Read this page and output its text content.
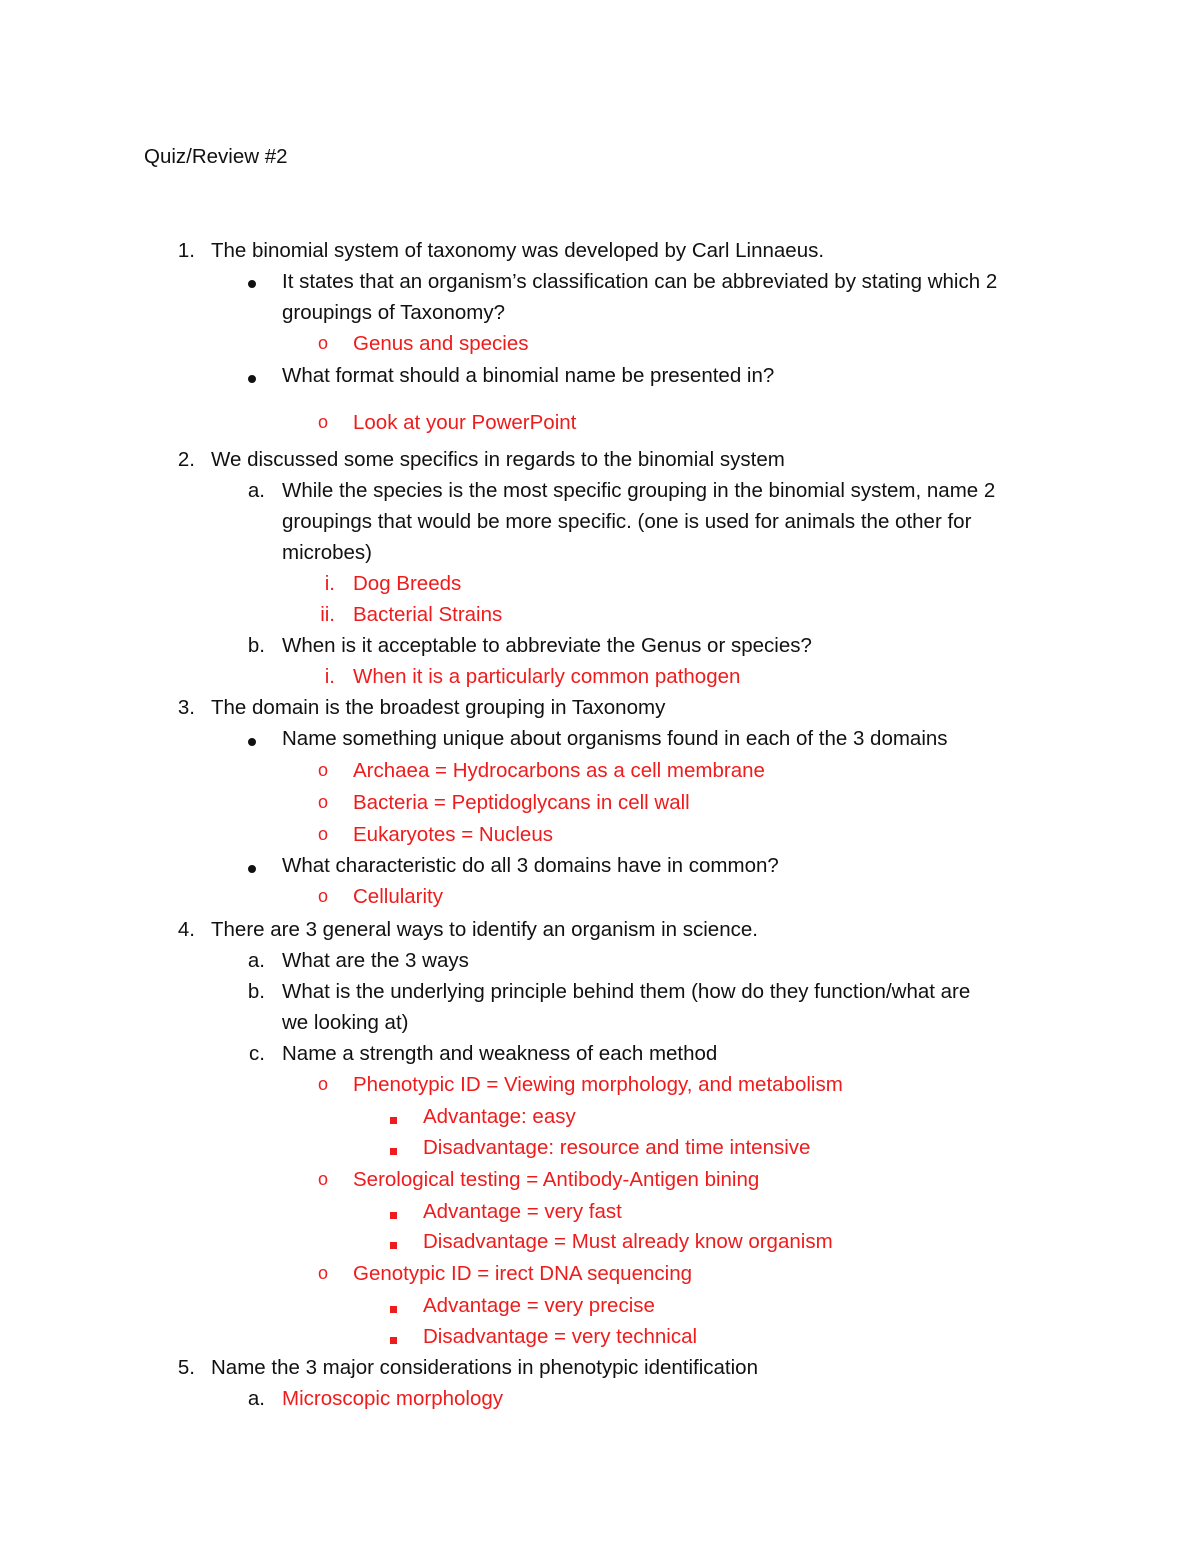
Quiz/Review #2
1. The binomial system of taxonomy was developed by Carl Linnaeus.
It states that an organism’s classification can be abbreviated by stating which 2
groupings of Taxonomy?
o Genus and species
What format should a binomial name be presented in?
o Look at your PowerPoint
2. We discussed some specifics in regards to the binomial system
a. While the species is the most specific grouping in the binomial system, name 2
groupings that would be more specific. (one is used for animals the other for
microbes)
i. Dog Breeds
ii. Bacterial Strains
b. When is it acceptable to abbreviate the Genus or species?
i. When it is a particularly common pathogen
3. The domain is the broadest grouping in Taxonomy
Name something unique about organisms found in each of the 3 domains
o Archaea = Hydrocarbons as a cell membrane
o Bacteria = Peptidoglycans in cell wall
o Eukaryotes = Nucleus
What characteristic do all 3 domains have in common?
o Cellularity
4. There are 3 general ways to identify an organism in science.
a. What are the 3 ways
b. What is the underlying principle behind them (how do they function/what are
we looking at)
c. Name a strength and weakness of each method
o Phenotypic ID = Viewing morphology, and metabolism
Advantage: easy
Disadvantage: resource and time intensive
o Serological testing = Antibody-Antigen bining
Advantage = very fast
Disadvantage = Must already know organism
o Genotypic ID = irect DNA sequencing
Advantage = very precise
Disadvantage = very technical
5. Name the 3 major considerations in phenotypic identification
a. Microscopic morphology
